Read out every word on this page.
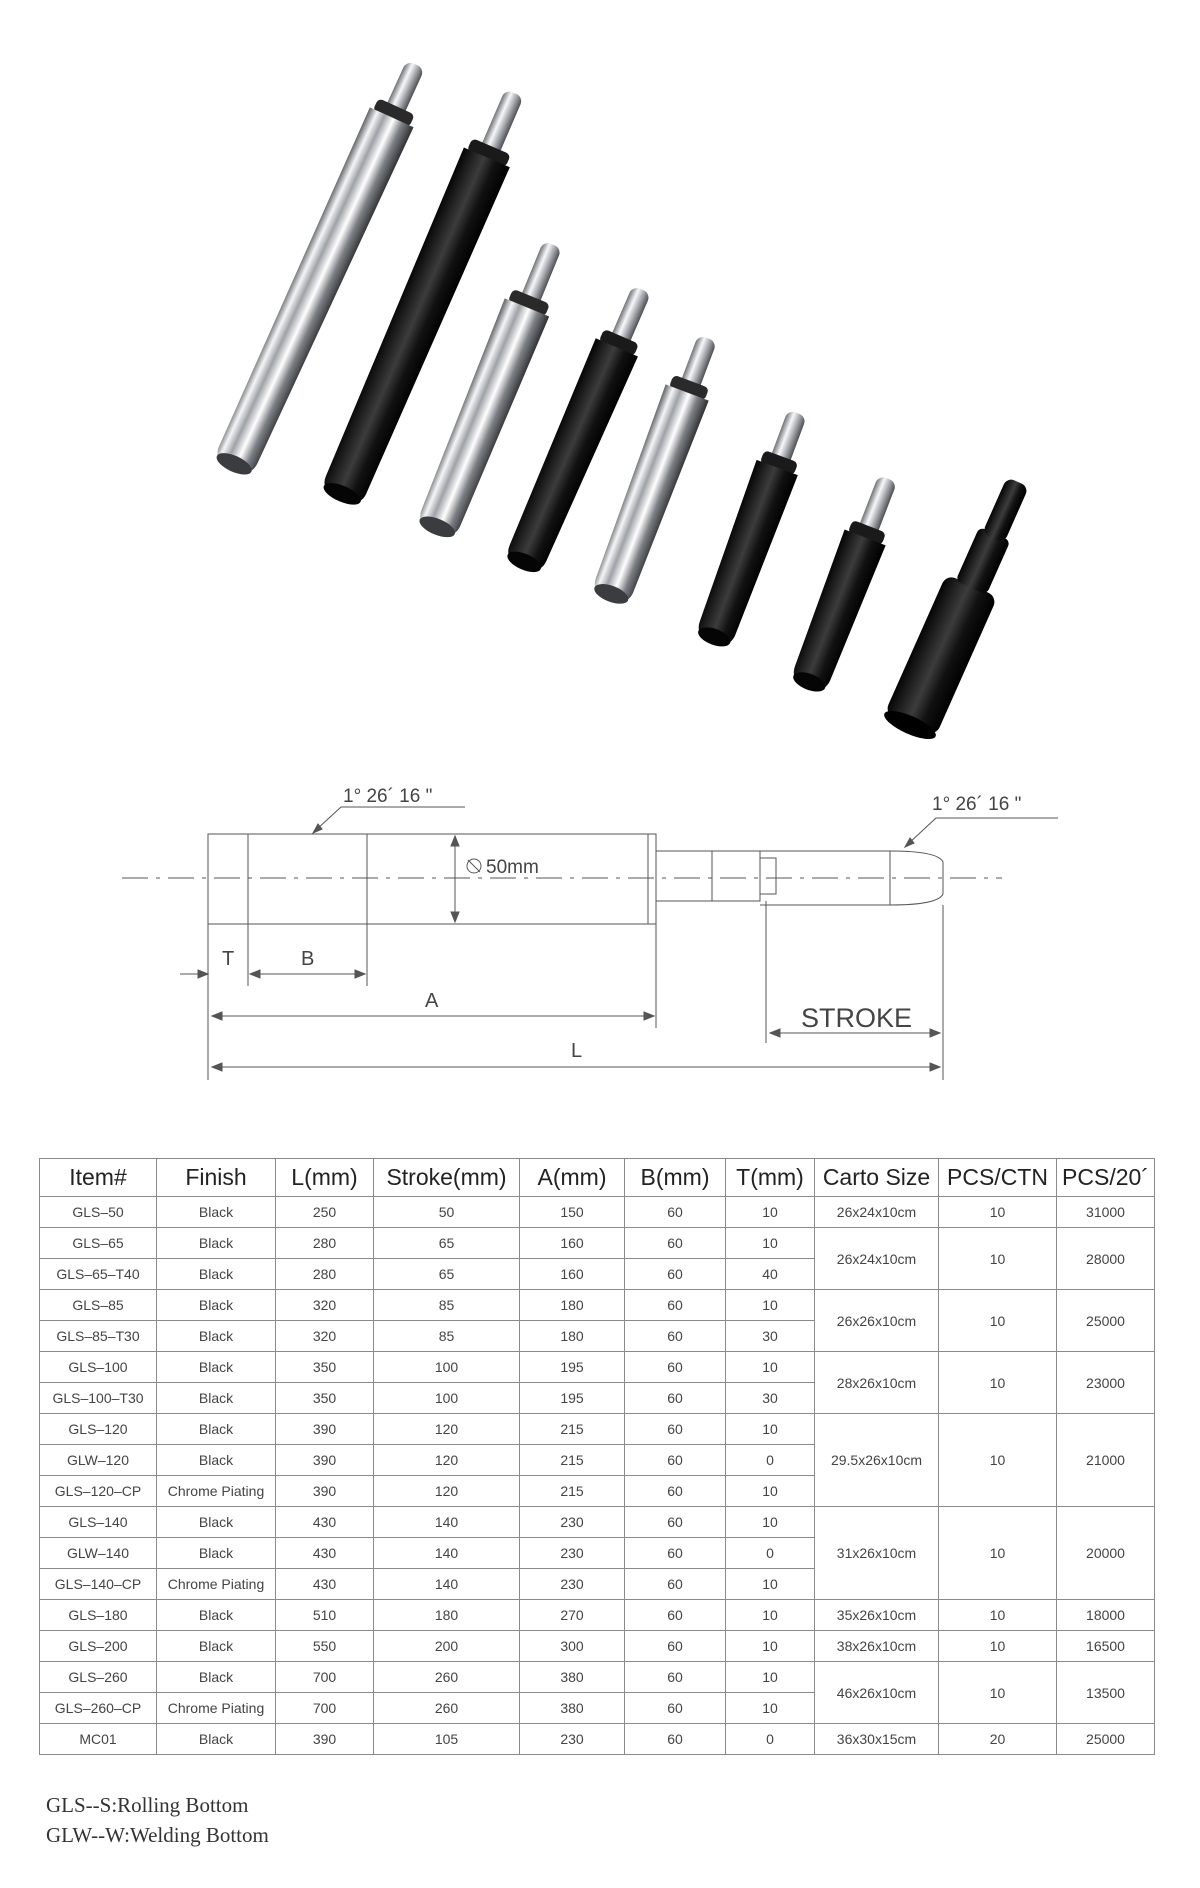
50mm
1° 26´ 16 "	1° 26´ 16 "
T	B
A
STROKE
L
Item#	Finish	L(mm)	Stroke(mm)	A(mm)	B(mm)	T(mm)	Carto Size	PCS/CTN	PCS/20´
GLS–50	Black	250	50	150	60	10	26x24x10cm	10	31000
GLS–65	Black	280	65	160	60	10	26x24x10cm	10	28000
GLS–65–T40	Black	280	65	160	60	40			
GLS–85	Black	320	85	180	60	10	26x26x10cm	10	25000
GLS–85–T30	Black	320	85	180	60	30			
GLS–100	Black	350	100	195	60	10	28x26x10cm	10	23000
GLS–100–T30	Black	350	100	195	60	30			
GLS–120	Black	390	120	215	60	10	29.5x26x10cm	10	21000
GLW–120	Black	390	120	215	60	0			
GLS–120–CP	Chrome Piating	390	120	215	60	10			
GLS–140	Black	430	140	230	60	10	31x26x10cm	10	20000
GLW–140	Black	430	140	230	60	0			
GLS–140–CP	Chrome Piating	430	140	230	60	10			
GLS–180	Black	510	180	270	60	10	35x26x10cm	10	18000
GLS–200	Black	550	200	300	60	10	38x26x10cm	10	16500
GLS–260	Black	700	260	380	60	10	46x26x10cm	10	13500
GLS–260–CP	Chrome Piating	700	260	380	60	10			
MC01	Black	390	105	230	60	0	36x30x15cm	20	25000
GLS--S:Rolling Bottom
GLW--W:Welding Bottom
